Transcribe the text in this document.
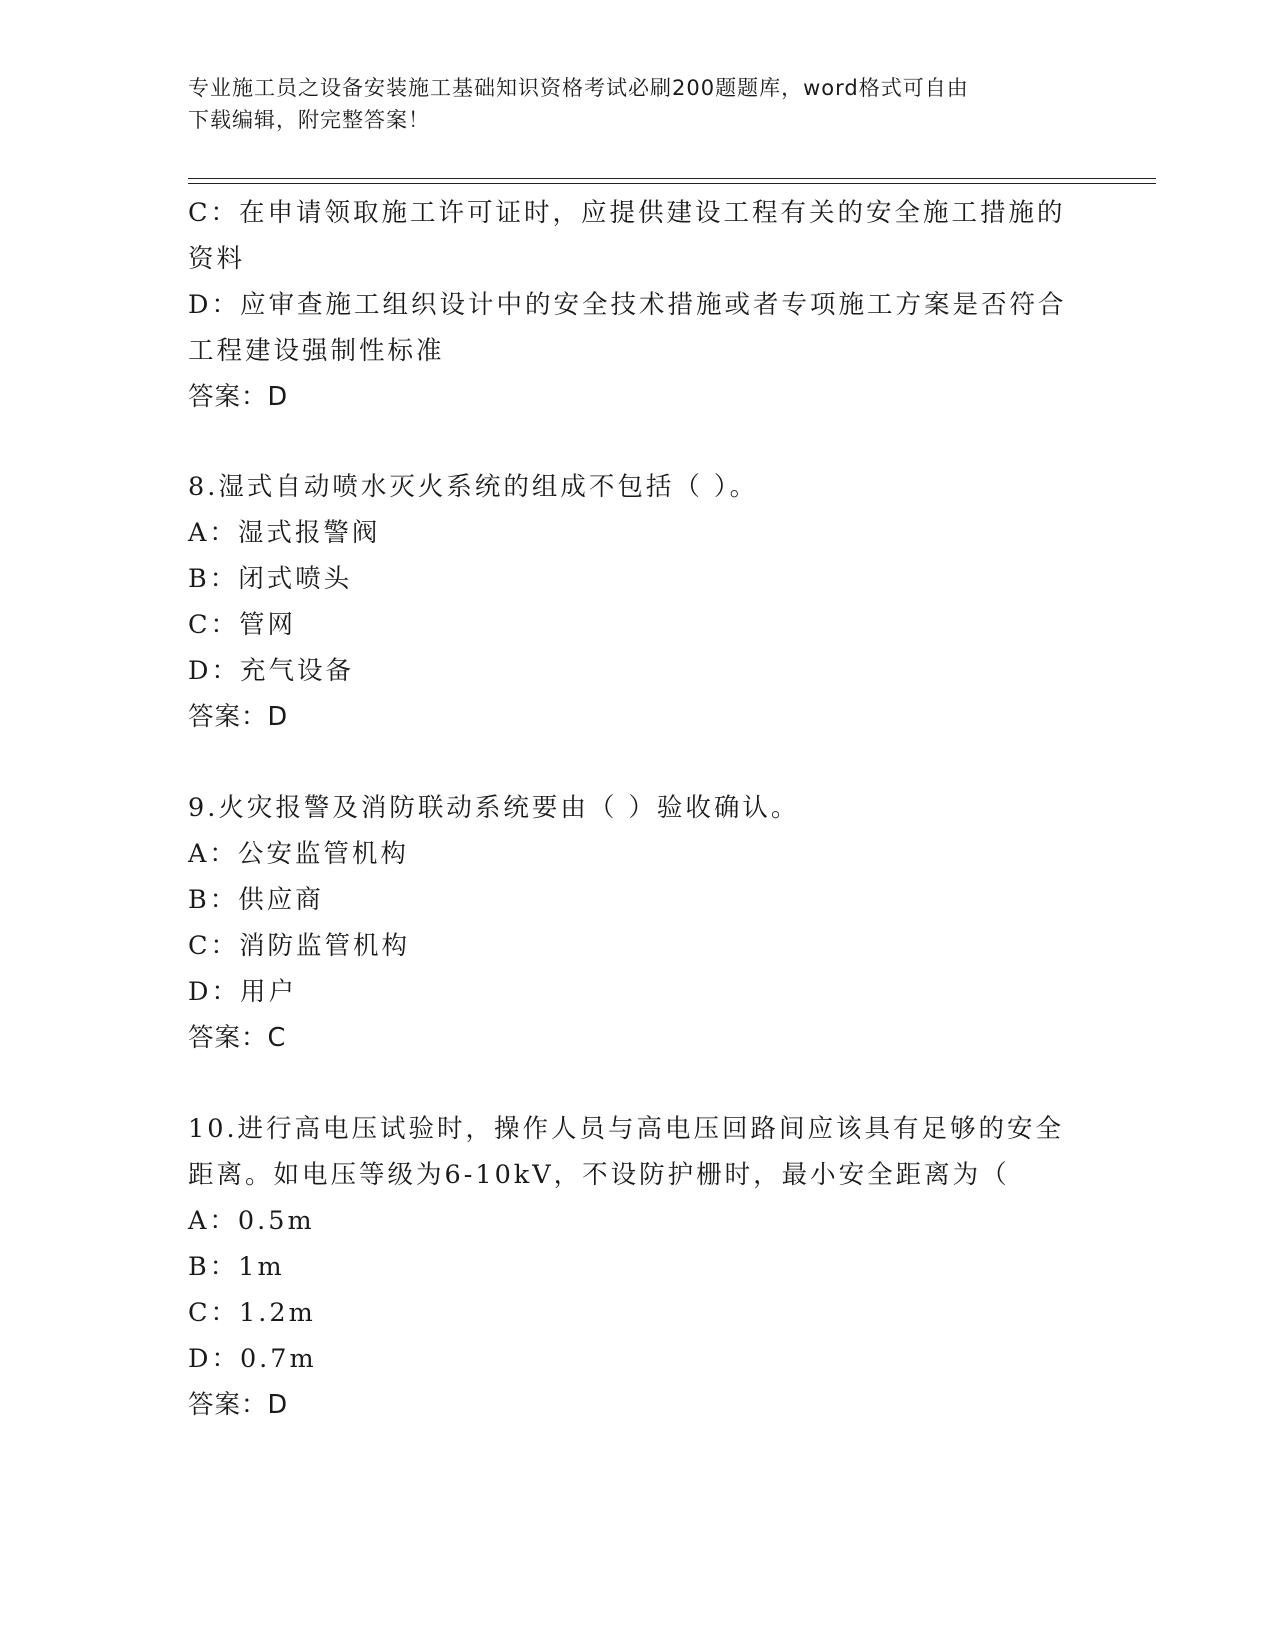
专业施工员之设备安装施工基础知识资格考试必刷200题题库，word格式可自由
下载编辑，附完整答案！
C：在申请领取施工许可证时，应提供建设工程有关的安全施工措施的
资料
D：应审查施工组织设计中的安全技术措施或者专项施工方案是否符合
工程建设强制性标准
答案：D
8.湿式自动喷水灭火系统的组成不包括（ ）。
A：湿式报警阀
B：闭式喷头
C：管网
D：充气设备
答案：D
9.火灾报警及消防联动系统要由（ ）验收确认。
A：公安监管机构
B：供应商
C：消防监管机构
D：用户
答案：C
10.进行高电压试验时，操作人员与高电压回路间应该具有足够的安全
距离。如电压等级为6-10kV，不设防护栅时，最小安全距离为（
A：0.5m
B：1m
C：1.2m
D：0.7m
答案：D
